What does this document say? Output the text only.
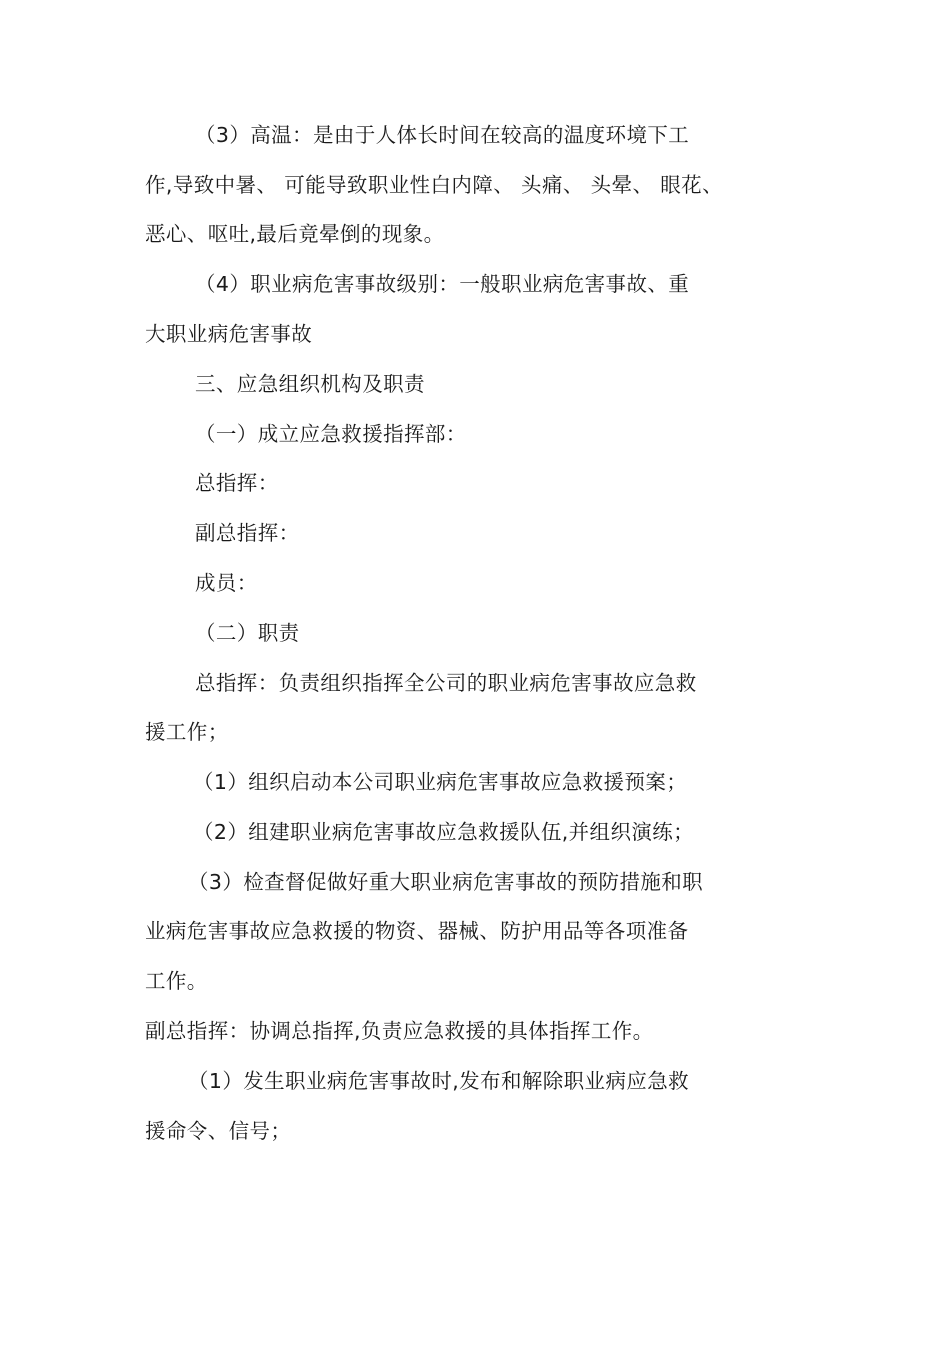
（3）高温：是由于人体长时间在较高的温度环境下工
作,导致中暑、 可能导致职业性白内障、 头痛、 头晕、 眼花、
恶心、呕吐,最后竟晕倒的现象。
（4）职业病危害事故级别：一般职业病危害事故、重
大职业病危害事故
三、应急组织机构及职责
（一）成立应急救援指挥部：
总指挥：
副总指挥：
成员：
（二）职责
总指挥：负责组织指挥全公司的职业病危害事故应急救
援工作；
（1）组织启动本公司职业病危害事故应急救援预案；
（2）组建职业病危害事故应急救援队伍,并组织演练；
（3）检查督促做好重大职业病危害事故的预防措施和职
业病危害事故应急救援的物资、器械、防护用品等各项准备
工作。
副总指挥：协调总指挥,负责应急救援的具体指挥工作。
（1）发生职业病危害事故时,发布和解除职业病应急救
援命令、信号；
